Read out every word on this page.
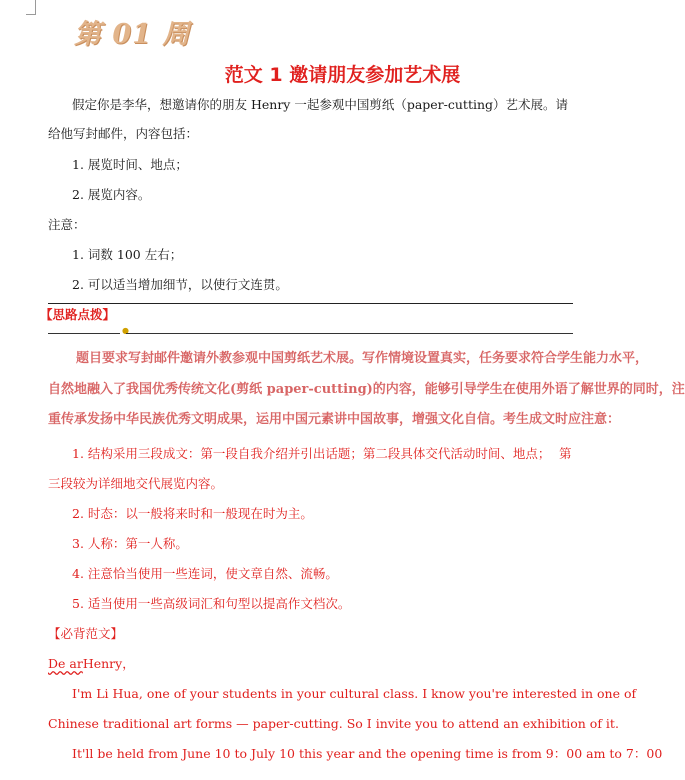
第 01 周
范文 1 邀请朋友参加艺术展
假定你是李华，想邀请你的朋友 Henry 一起参观中国剪纸（paper-cutting）艺术展。请
给他写封邮件，内容包括：
1. 展览时间、地点；
2. 展览内容。
注意：
1. 词数 100 左右；
2. 可以适当增加细节，以使行文连贯。
【思路点拨】
●
题目要求写封邮件邀请外教参观中国剪纸艺术展。写作情境设置真实，任务要求符合学生能力水平，
自然地融入了我国优秀传统文化(剪纸 paper-cutting)的内容，能够引导学生在使用外语了解世界的同时，注
重传承发扬中华民族优秀文明成果，运用中国元素讲中国故事，增强文化自信。考生成文时应注意：
1. 结构采用三段成文：第一段自我介绍并引出话题；第二段具体交代活动时间、地点； 第
三段较为详细地交代展览内容。
2. 时态：以一般将来时和一般现在时为主。
3. 人称：第一人称。
4. 注意恰当使用一些连词，使文章自然、流畅。
5. 适当使用一些高级词汇和句型以提高作文档次。
【必背范文】
De arHenry，
I'm Li Hua, one of your students in your cultural class. I know you're interested in one of
Chinese traditional art forms — paper-cutting. So I invite you to attend an exhibition of it.
It'll be held from June 10 to July 10 this year and the opening time is from 9：00 am to 7：00
